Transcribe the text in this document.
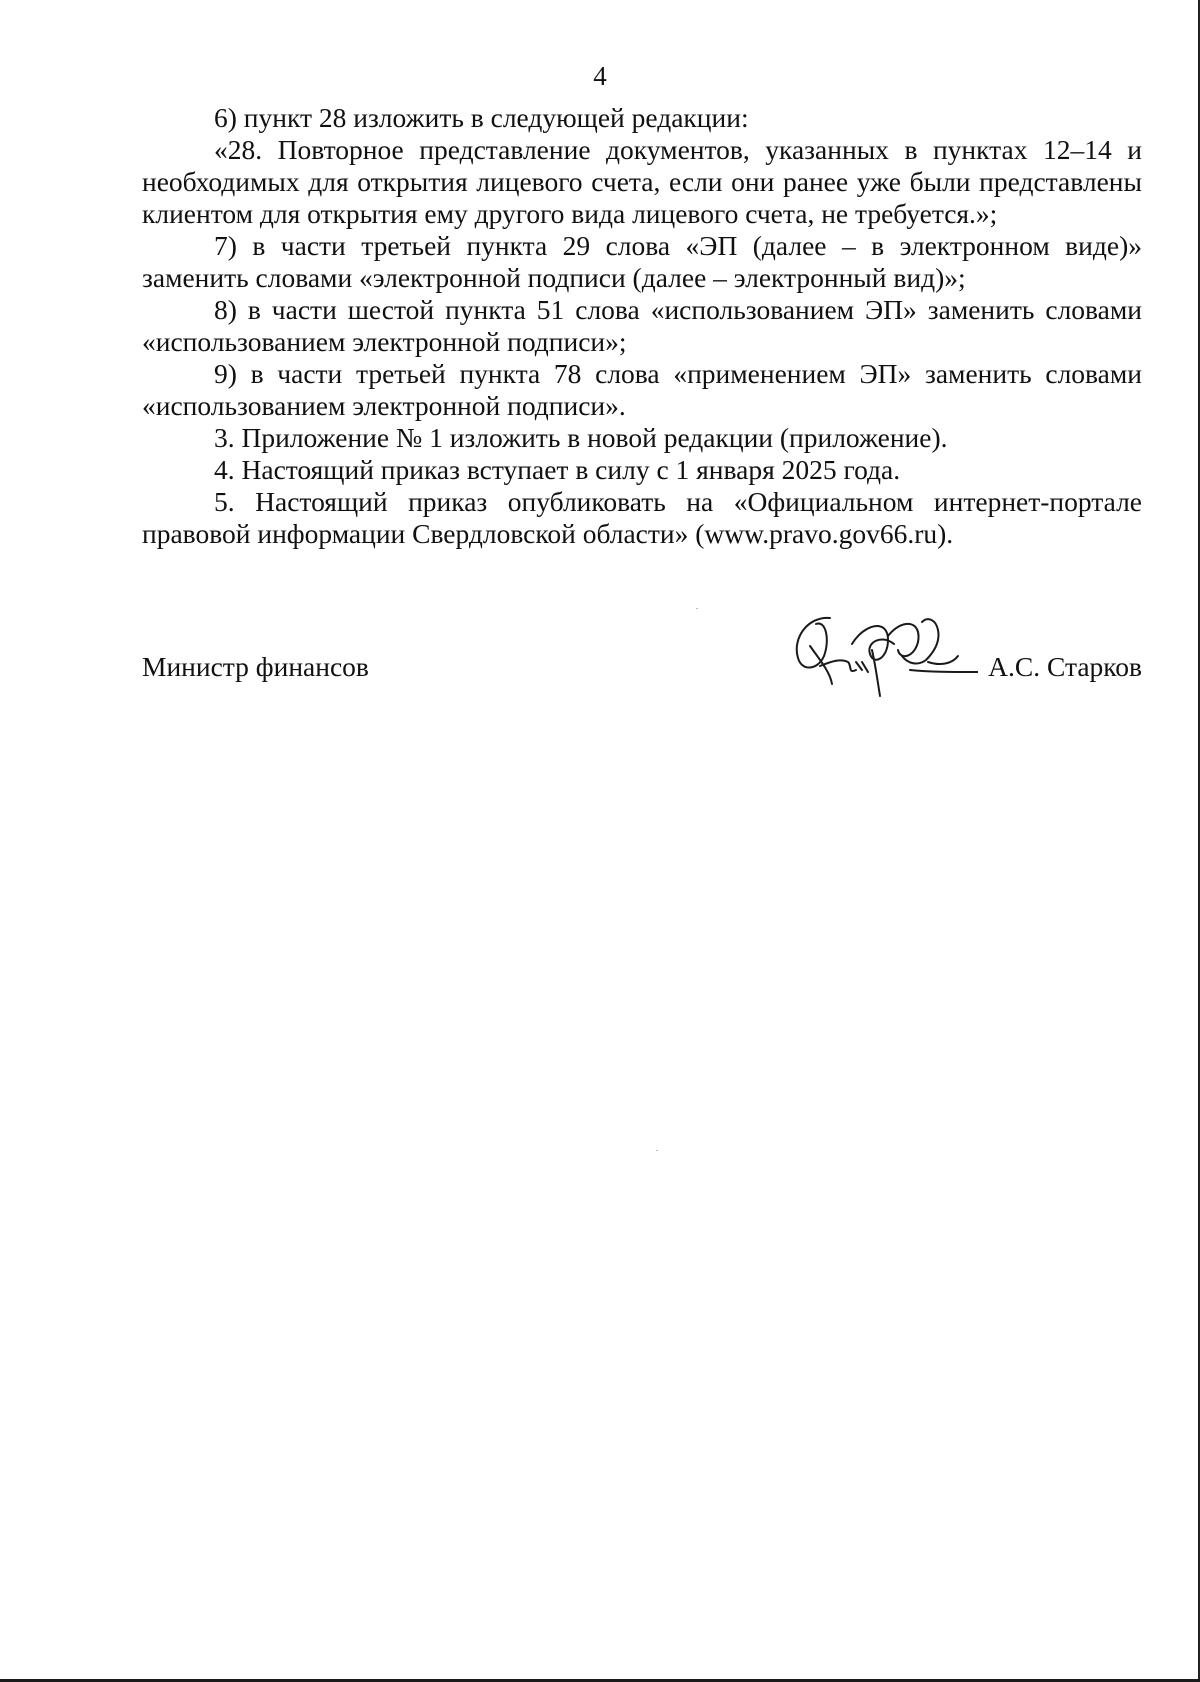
4

6) пункт 28 изложить в следующей редакции:

«28. Повторное представление документов, указанных в пунктах 12–14 и необходимых для открытия лицевого счета, если они ранее уже были представлены клиентом для открытия ему другого вида лицевого счета, не требуется.»;

7) в части третьей пункта 29 слова «ЭП (далее – в электронном виде)» заменить словами «электронной подписи (далее – электронный вид)»;

8) в части шестой пункта 51 слова «использованием ЭП» заменить словами «использованием электронной подписи»;

9) в части третьей пункта 78 слова «применением ЭП» заменить словами «использованием электронной подписи».

3. Приложение № 1 изложить в новой редакции (приложение).

4. Настоящий приказ вступает в силу с 1 января 2025 года.

5. Настоящий приказ опубликовать на «Официальном интернет-портале правовой информации Свердловской области» (www.pravo.gov66.ru).

Министр финансов	А.С. Старков
